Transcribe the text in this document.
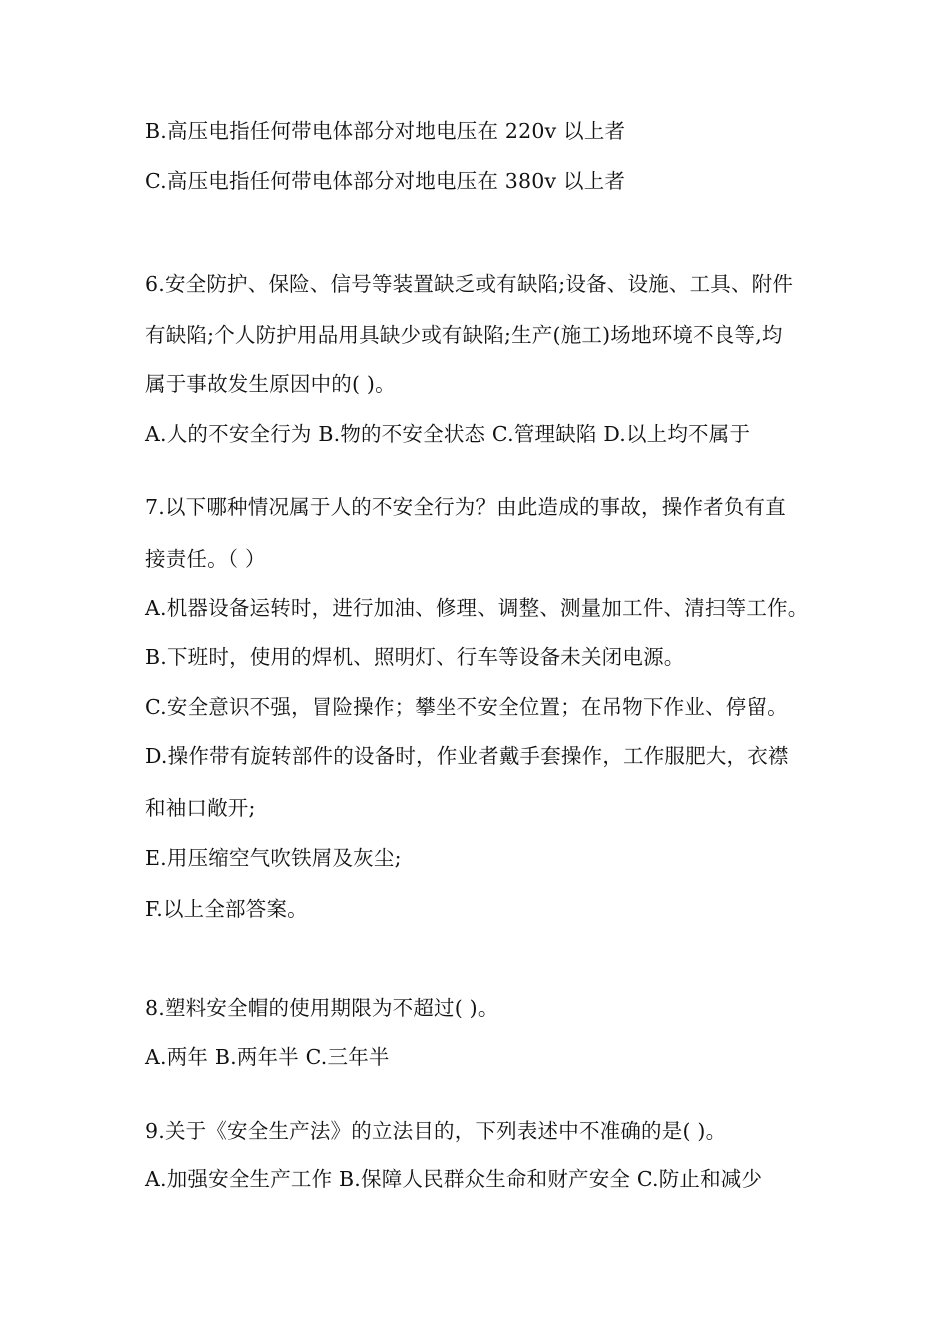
B.高压电指任何带电体部分对地电压在 220v 以上者
C.高压电指任何带电体部分对地电压在 380v 以上者
6.安全防护、保险、信号等装置缺乏或有缺陷;设备、设施、工具、附件
有缺陷;个人防护用品用具缺少或有缺陷;生产(施工)场地环境不良等,均
属于事故发生原因中的( )。
A.人的不安全行为 B.物的不安全状态 C.管理缺陷 D.以上均不属于
7.以下哪种情况属于人的不安全行为？由此造成的事故，操作者负有直
接责任。（ ）
A.机器设备运转时，进行加油、修理、调整、测量加工件、清扫等工作。
B.下班时，使用的焊机、照明灯、行车等设备未关闭电源。
C.安全意识不强，冒险操作；攀坐不安全位置；在吊物下作业、停留。
D.操作带有旋转部件的设备时，作业者戴手套操作，工作服肥大，衣襟
和袖口敞开;
E.用压缩空气吹铁屑及灰尘;
F.以上全部答案。
8.塑料安全帽的使用期限为不超过( )。
A.两年 B.两年半 C.三年半
9.关于《安全生产法》的立法目的，下列表述中不准确的是( )。
A.加强安全生产工作 B.保障人民群众生命和财产安全 C.防止和减少
